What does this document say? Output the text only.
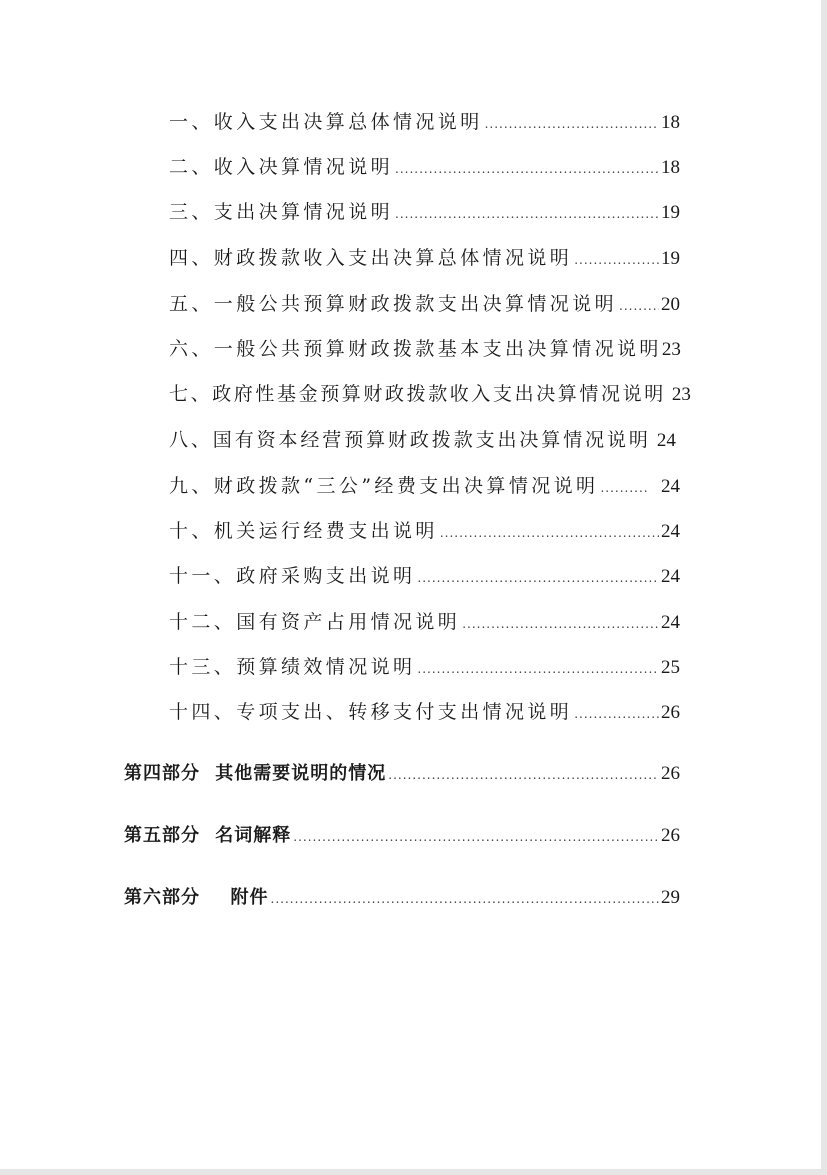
一、收入支出决算总体情况说明 .....	18
二、收入决算情况说明 .....	18
三、支出决算情况说明 .....	19
四、财政拨款收入支出决算总体情况说明 .....	19
五、一般公共预算财政拨款支出决算情况说明 ..... 20
六、一般公共预算财政拨款基本支出决算情况说明 23
七、政府性基金预算财政拨款收入支出决算情况说明 23
八、国有资本经营预算财政拨款支出决算情况说明 24
九、财政拨款“三公”经费支出决算情况说明 .....	24
十、机关运行经费支出说明 .....	24
十一、政府采购支出说明 .....	24
十二、国有资产占用情况说明 .....	24
十三、预算绩效情况说明 .....	25
十四、专项支出、转移支付支出情况说明 .....	26
第四部分 其他需要说明的情况 .....	26
第五部分 名词解释 .....	26
第六部分  附件 .....	29
